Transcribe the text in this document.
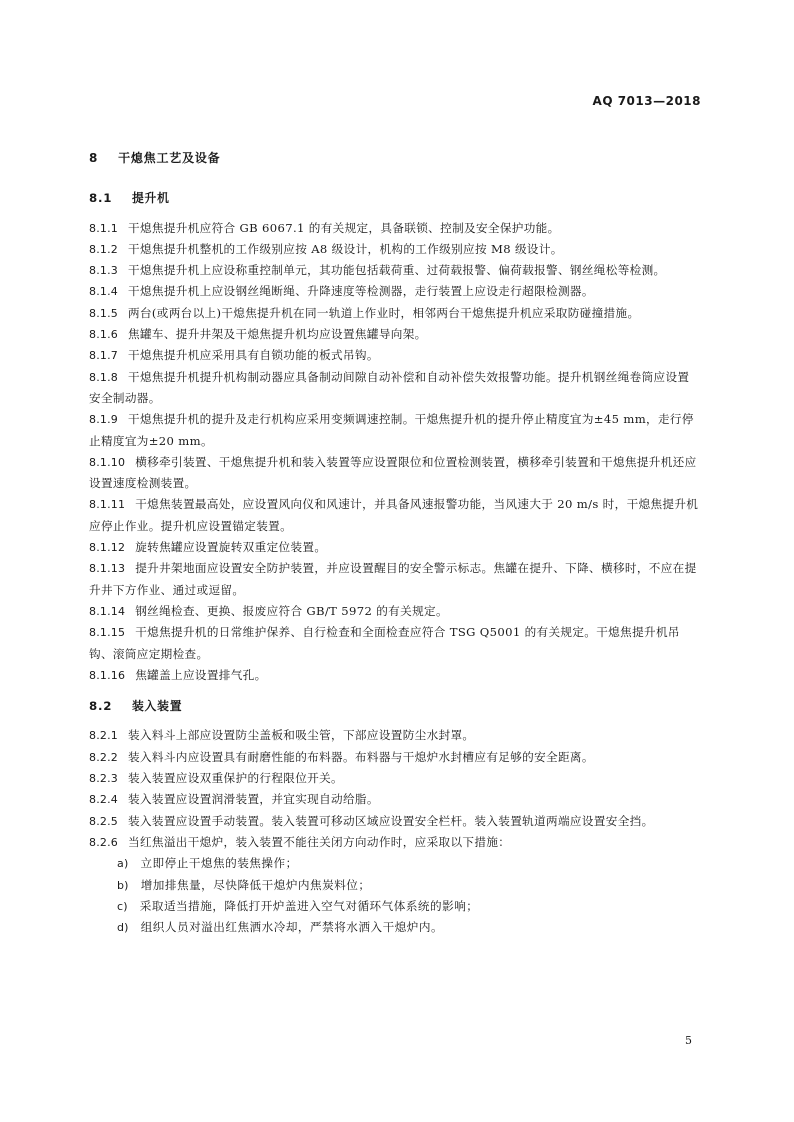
AQ 7013—2018
8 干熄焦工艺及设备
8.1 提升机

8.1.1 干熄焦提升机应符合 GB 6067.1 的有关规定，具备联锁、控制及安全保护功能。

8.1.2 干熄焦提升机整机的工作级别应按 A8 级设计，机构的工作级别应按 M8 级设计。

8.1.3 干熄焦提升机上应设称重控制单元，其功能包括载荷重、过荷载报警、偏荷载报警、钢丝绳松等检测。

8.1.4 干熄焦提升机上应设钢丝绳断绳、升降速度等检测器，走行装置上应设走行超限检测器。

8.1.5 两台(或两台以上)干熄焦提升机在同一轨道上作业时，相邻两台干熄焦提升机应采取防碰撞措施。

8.1.6 焦罐车、提升井架及干熄焦提升机均应设置焦罐导向架。

8.1.7 干熄焦提升机应采用具有自锁功能的板式吊钩。

8.1.8 干熄焦提升机提升机构制动器应具备制动间隙自动补偿和自动补偿失效报警功能。提升机钢丝绳卷筒应设置安全制动器。

8.1.9 干熄焦提升机的提升及走行机构应采用变频调速控制。干熄焦提升机的提升停止精度宜为±45 mm，走行停止精度宜为±20 mm。

8.1.10 横移牵引装置、干熄焦提升机和装入装置等应设置限位和位置检测装置，横移牵引装置和干熄焦提升机还应设置速度检测装置。

8.1.11 干熄焦装置最高处，应设置风向仪和风速计，并具备风速报警功能，当风速大于 20 m/s 时，干熄焦提升机应停止作业。提升机应设置锚定装置。

8.1.12 旋转焦罐应设置旋转双重定位装置。

8.1.13 提升井架地面应设置安全防护装置，并应设置醒目的安全警示标志。焦罐在提升、下降、横移时，不应在提升井下方作业、通过或逗留。

8.1.14 钢丝绳检查、更换、报废应符合 GB/T 5972 的有关规定。

8.1.15 干熄焦提升机的日常维护保养、自行检查和全面检查应符合 TSG Q5001 的有关规定。干熄焦提升机吊钩、滚筒应定期检查。

8.1.16 焦罐盖上应设置排气孔。

8.2 装入装置

8.2.1 装入料斗上部应设置防尘盖板和吸尘管，下部应设置防尘水封罩。

8.2.2 装入料斗内应设置具有耐磨性能的布料器。布料器与干熄炉水封槽应有足够的安全距离。

8.2.3 装入装置应设双重保护的行程限位开关。

8.2.4 装入装置应设置润滑装置，并宜实现自动给脂。

8.2.5 装入装置应设置手动装置。装入装置可移动区域应设置安全栏杆。装入装置轨道两端应设置安全挡。

8.2.6 当红焦溢出干熄炉，装入装置不能往关闭方向动作时，应采取以下措施：

a) 立即停止干熄焦的装焦操作；

b) 增加排焦量，尽快降低干熄炉内焦炭料位；

c) 采取适当措施，降低打开炉盖进入空气对循环气体系统的影响；

d) 组织人员对溢出红焦洒水冷却，严禁将水洒入干熄炉内。

5
